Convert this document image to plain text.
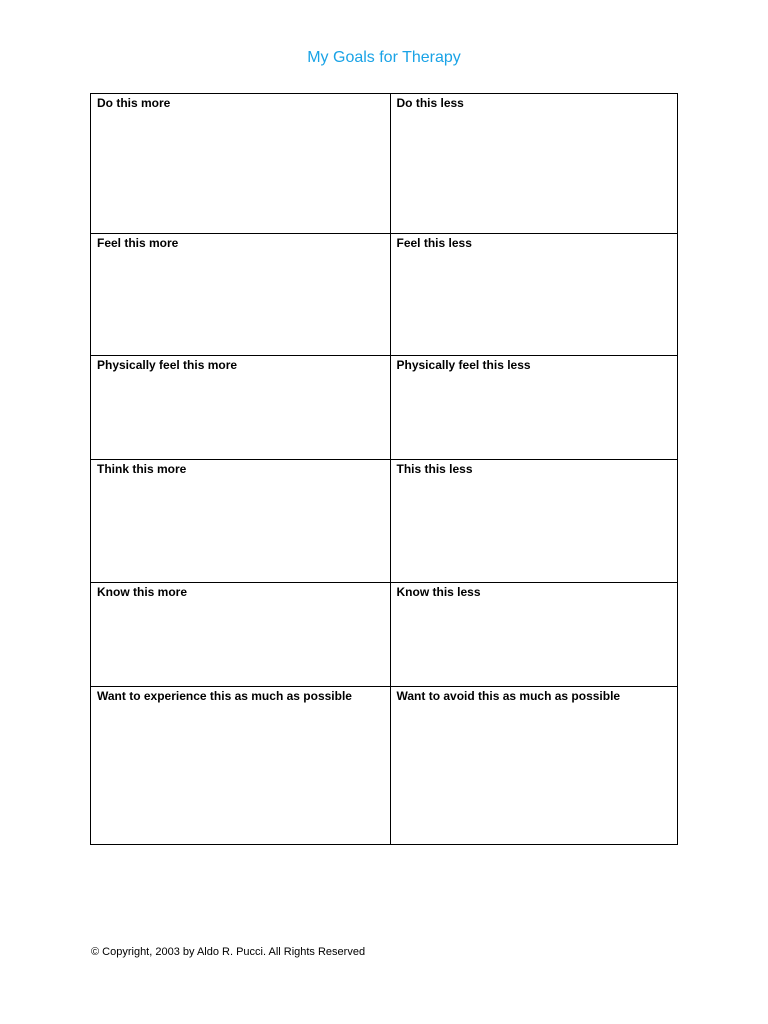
My Goals for Therapy
Do this more	Do this less
Feel this more	Feel this less
Physically feel this more	Physically feel this less
Think this more	This this less
Know this more	Know this less
Want to experience this as much as possible	Want to avoid this as much as possible
© Copyright, 2003 by Aldo R. Pucci. All Rights Reserved
